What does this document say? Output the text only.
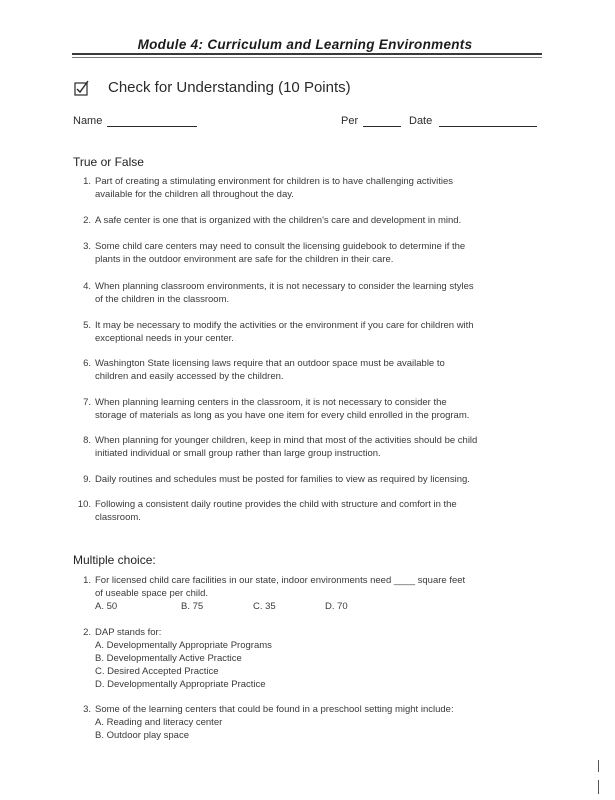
Module 4: Curriculum and Learning Environments
Check for Understanding (10 Points)
Name	Per	Date
True or False
1. Part of creating a stimulating environment for children is to have challenging activities
available for the children all throughout the day.
2. A safe center is one that is organized with the children's care and development in mind.
3. Some child care centers may need to consult the licensing guidebook to determine if the
plants in the outdoor environment are safe for the children in their care.
4. When planning classroom environments, it is not necessary to consider the learning styles
of the children in the classroom.
5. It may be necessary to modify the activities or the environment if you care for children with
exceptional needs in your center.
6. Washington State licensing laws require that an outdoor space must be available to
children and easily accessed by the children.
7. When planning learning centers in the classroom, it is not necessary to consider the
storage of materials as long as you have one item for every child enrolled in the program.
8. When planning for younger children, keep in mind that most of the activities should be child
initiated individual or small group rather than large group instruction.
9. Daily routines and schedules must be posted for families to view as required by licensing.
10. Following a consistent daily routine provides the child with structure and comfort in the
classroom.
Multiple choice:
1. For licensed child care facilities in our state, indoor environments need ____ square feet
of useable space per child.
A. 50	B. 75	C. 35	D. 70
2. DAP stands for:
A. Developmentally Appropriate Programs
B. Developmentally Active Practice
C. Desired Accepted Practice
D. Developmentally Appropriate Practice
3. Some of the learning centers that could be found in a preschool setting might include:
A. Reading and literacy center
B. Outdoor play space
